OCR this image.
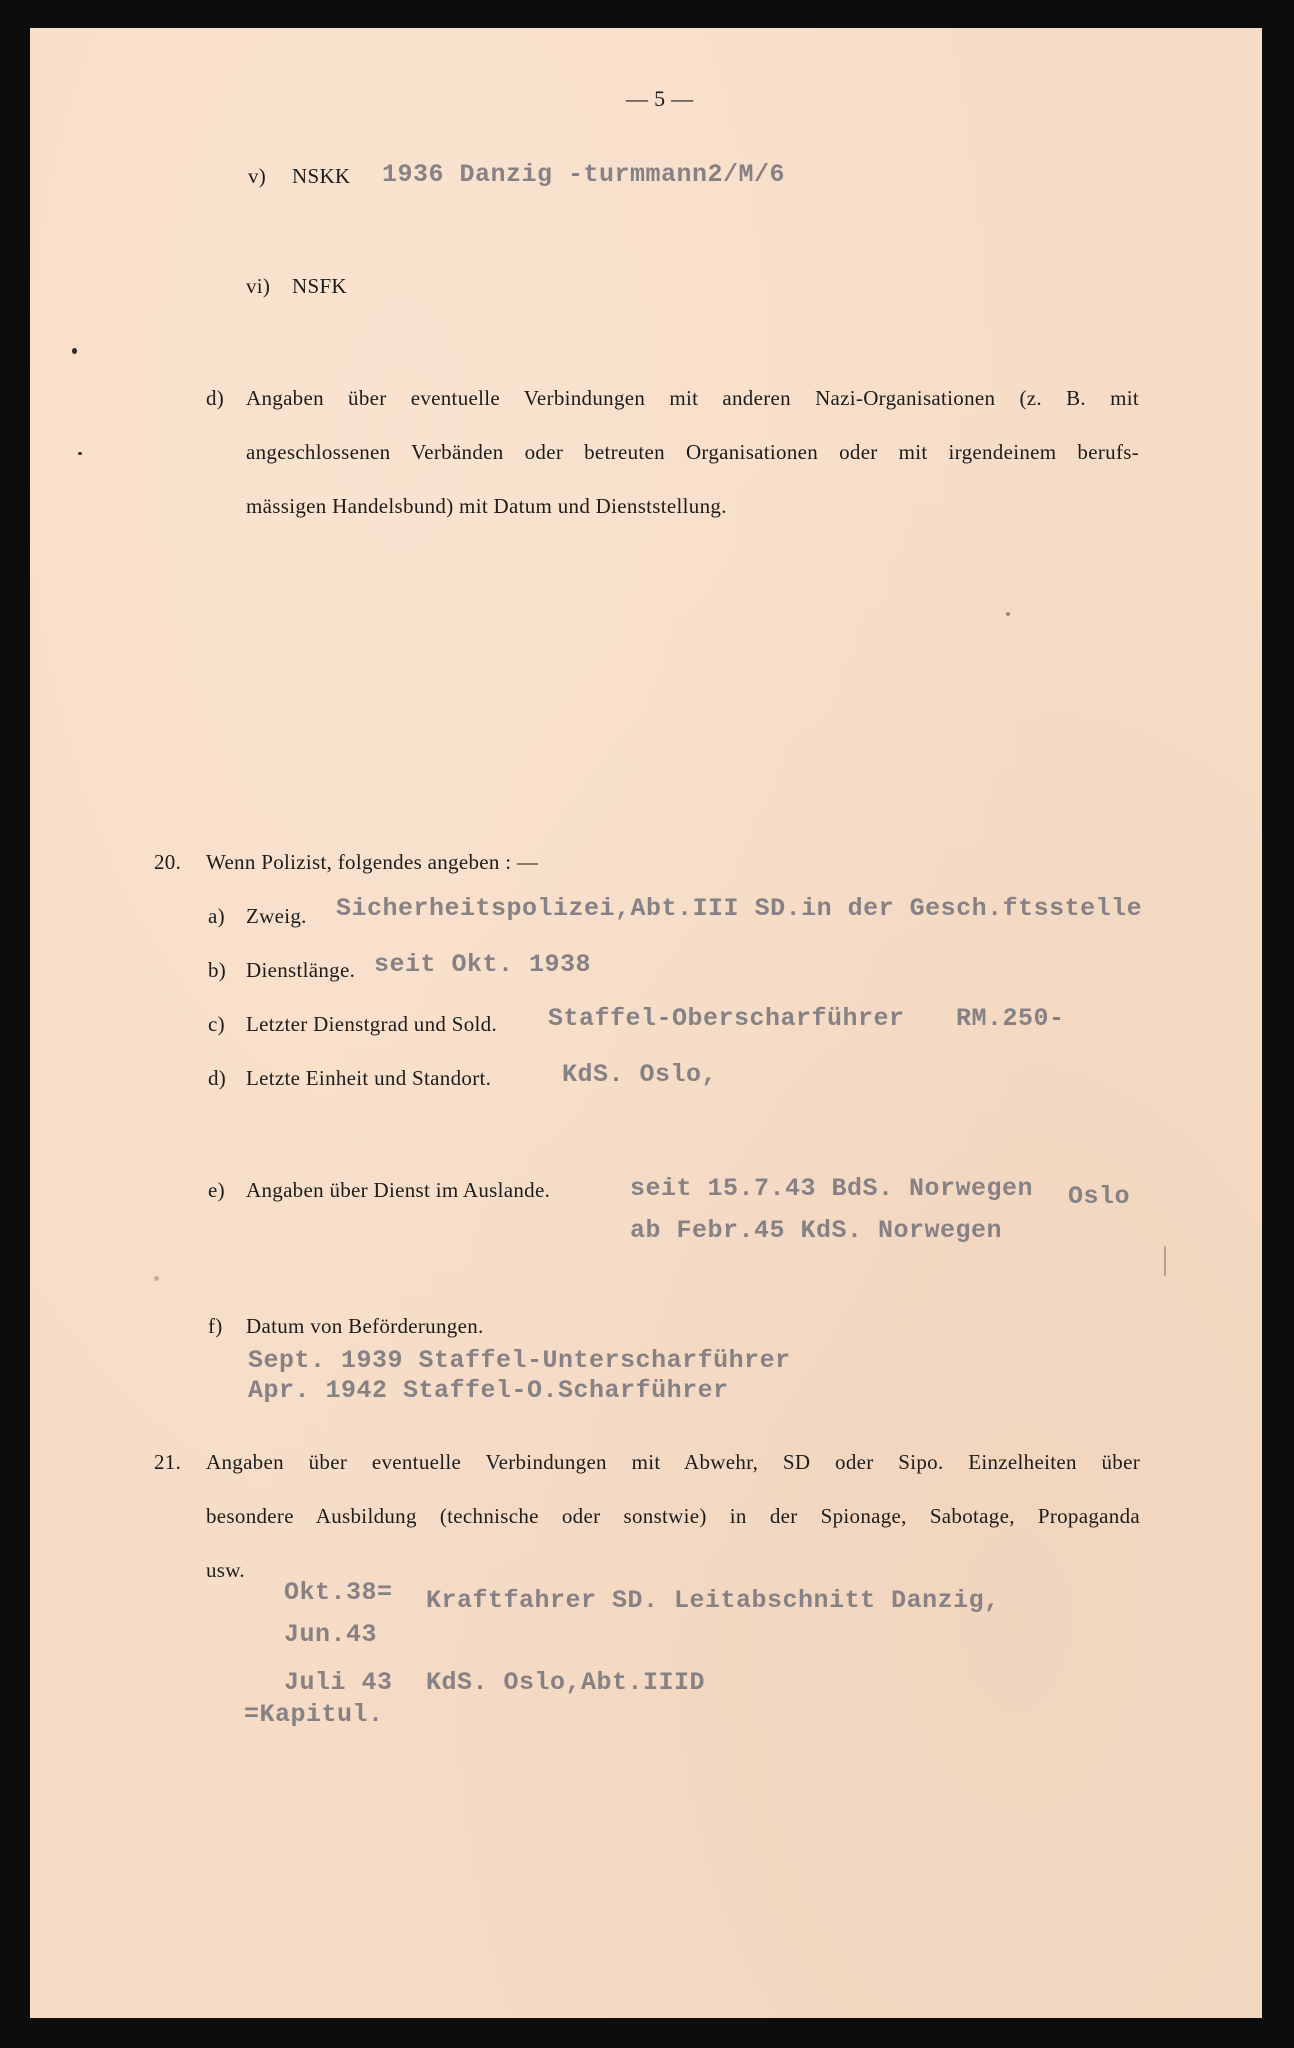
— 5 —
v) NSKK 1936 Danzig -turmmann2/M/6
vi) NSFK
d) Angaben über eventuelle Verbindungen mit anderen Nazi-Organisationen (z. B. mit
angeschlossenen Verbänden oder betreuten Organisationen oder mit irgendeinem berufs-
mässigen Handelsbund) mit Datum und Dienststellung.
20. Wenn Polizist, folgendes angeben : —
a) Zweig. Sicherheitspolizei,Abt.III SD.in der Gesch.ftsstelle
b) Dienstlänge. seit Okt. 1938
c) Letzter Dienstgrad und Sold. Staffel-Oberscharführer RM.250-
d) Letzte Einheit und Standort.	KdS. Oslo,
e) Angaben über Dienst im Auslande.	seit 15.7.43 BdS. Norwegen Oslo
ab Febr.45 KdS. Norwegen
f) Datum von Beförderungen.
Sept. 1939 Staffel-Unterscharführer
Apr. 1942 Staffel-O.Scharführer
21. Angaben über eventuelle Verbindungen mit Abwehr, SD oder Sipo. Einzelheiten über
besondere Ausbildung (technische oder sonstwie) in der Spionage, Sabotage, Propaganda
usw.
Okt.38= Kraftfahrer SD. Leitabschnitt Danzig,
Jun.43
Juli 43 KdS. Oslo,Abt.IIID
=Kapitul.
